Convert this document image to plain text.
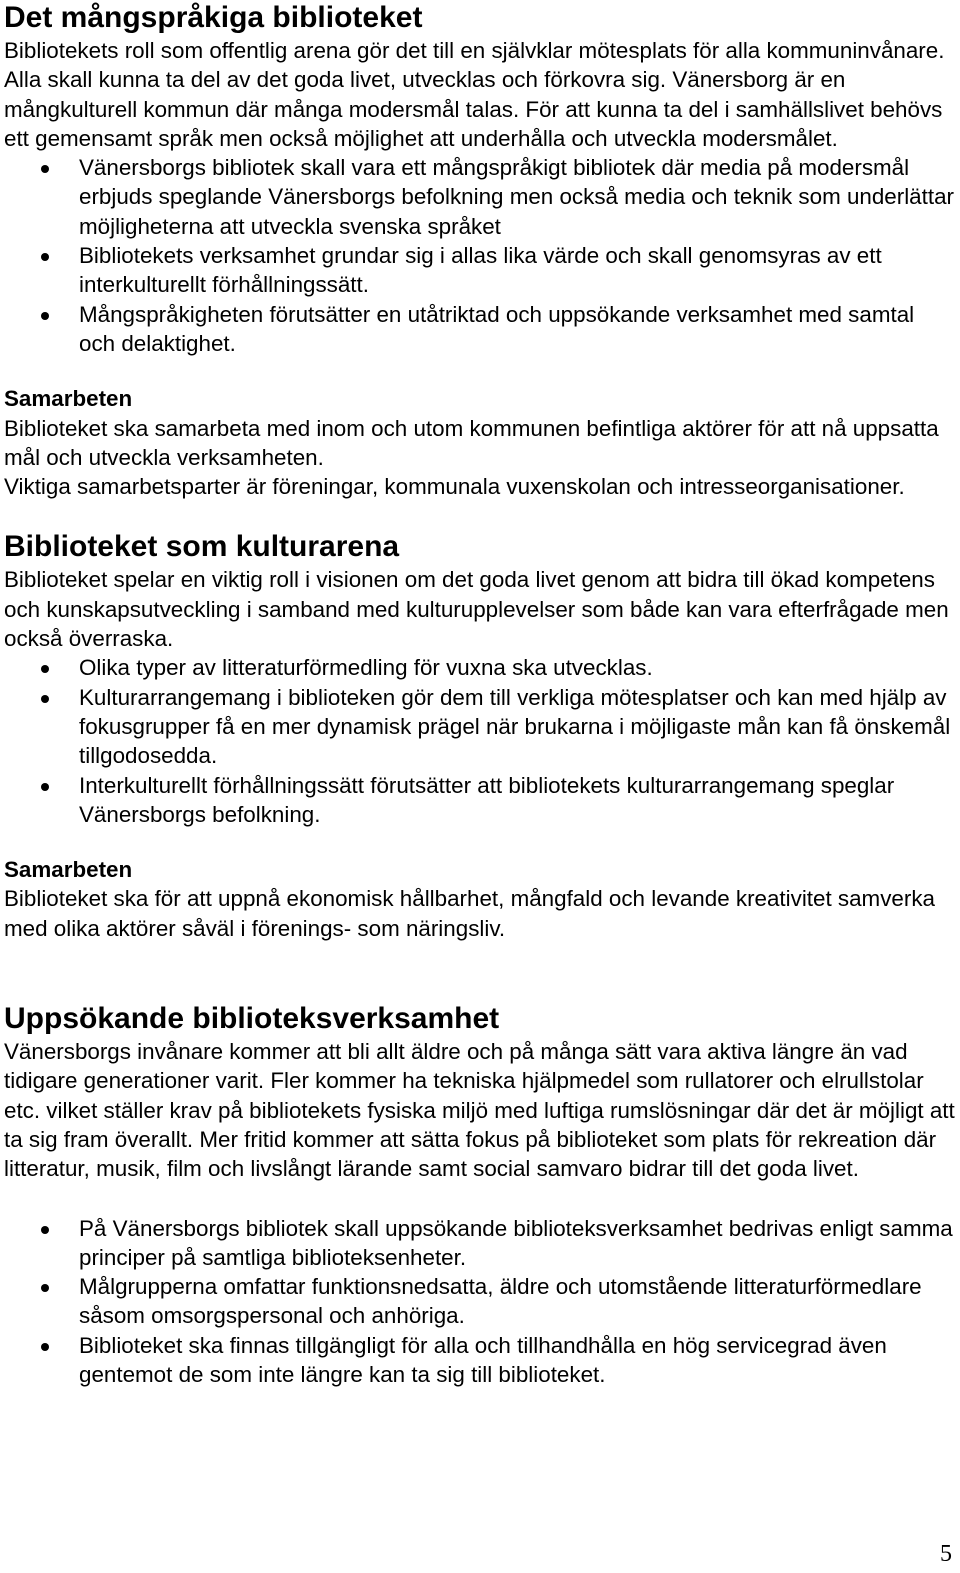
Det mångspråkiga biblioteket

Bibliotekets roll som offentlig arena gör det till en självklar mötesplats för alla kommuninvånare. Alla skall kunna ta del av det goda livet, utvecklas och förkovra sig. Vänersborg är en mångkulturell kommun där många modersmål talas. För att kunna ta del i samhällslivet behövs ett gemensamt språk men också möjlighet att underhålla och utveckla modersmålet.

Vänersborgs bibliotek skall vara ett mångspråkigt bibliotek där media på modersmål erbjuds speglande Vänersborgs befolkning men också media och teknik som underlättar möjligheterna att utveckla svenska språket
Bibliotekets verksamhet grundar sig i allas lika värde och skall genomsyras av ett interkulturellt förhållningssätt.
Mångspråkigheten förutsätter en utåtriktad och uppsökande verksamhet med samtal och delaktighet.
Samarbeten

Biblioteket ska samarbeta med inom och utom kommunen befintliga aktörer för att nå uppsatta mål och utveckla verksamheten.

Viktiga samarbetsparter är föreningar, kommunala vuxenskolan och intresseorganisationer.

Biblioteket som kulturarena

Biblioteket spelar en viktig roll i visionen om det goda livet genom att bidra till ökad kompetens och kunskapsutveckling i samband med kulturupplevelser som både kan vara efterfrågade men också överraska.

Olika typer av litteraturförmedling för vuxna ska utvecklas.
Kulturarrangemang i biblioteken gör dem till verkliga mötesplatser och kan med hjälp av fokusgrupper få en mer dynamisk prägel när brukarna i möjligaste mån kan få önskemål tillgodosedda.
Interkulturellt förhållningssätt förutsätter att bibliotekets kulturarrangemang speglar Vänersborgs befolkning.
Samarbeten

Biblioteket ska för att uppnå ekonomisk hållbarhet, mångfald och levande kreativitet samverka med olika aktörer såväl i förenings- som näringsliv.

Uppsökande biblioteksverksamhet

Vänersborgs invånare kommer att bli allt äldre och på många sätt vara aktiva längre än vad tidigare generationer varit. Fler kommer ha tekniska hjälpmedel som rullatorer och elrullstolar etc. vilket ställer krav på bibliotekets fysiska miljö med luftiga rumslösningar där det är möjligt att ta sig fram överallt. Mer fritid kommer att sätta fokus på biblioteket som plats för rekreation där litteratur, musik, film och livslångt lärande samt social samvaro bidrar till det goda livet.

På Vänersborgs bibliotek skall uppsökande biblioteksverksamhet bedrivas enligt samma principer på samtliga biblioteksenheter.
Målgrupperna omfattar funktionsnedsatta, äldre och utomstående litteraturförmedlare såsom omsorgspersonal och anhöriga.
Biblioteket ska finnas tillgängligt för alla och tillhandhålla en hög servicegrad även gentemot de som inte längre kan ta sig till biblioteket.
5
